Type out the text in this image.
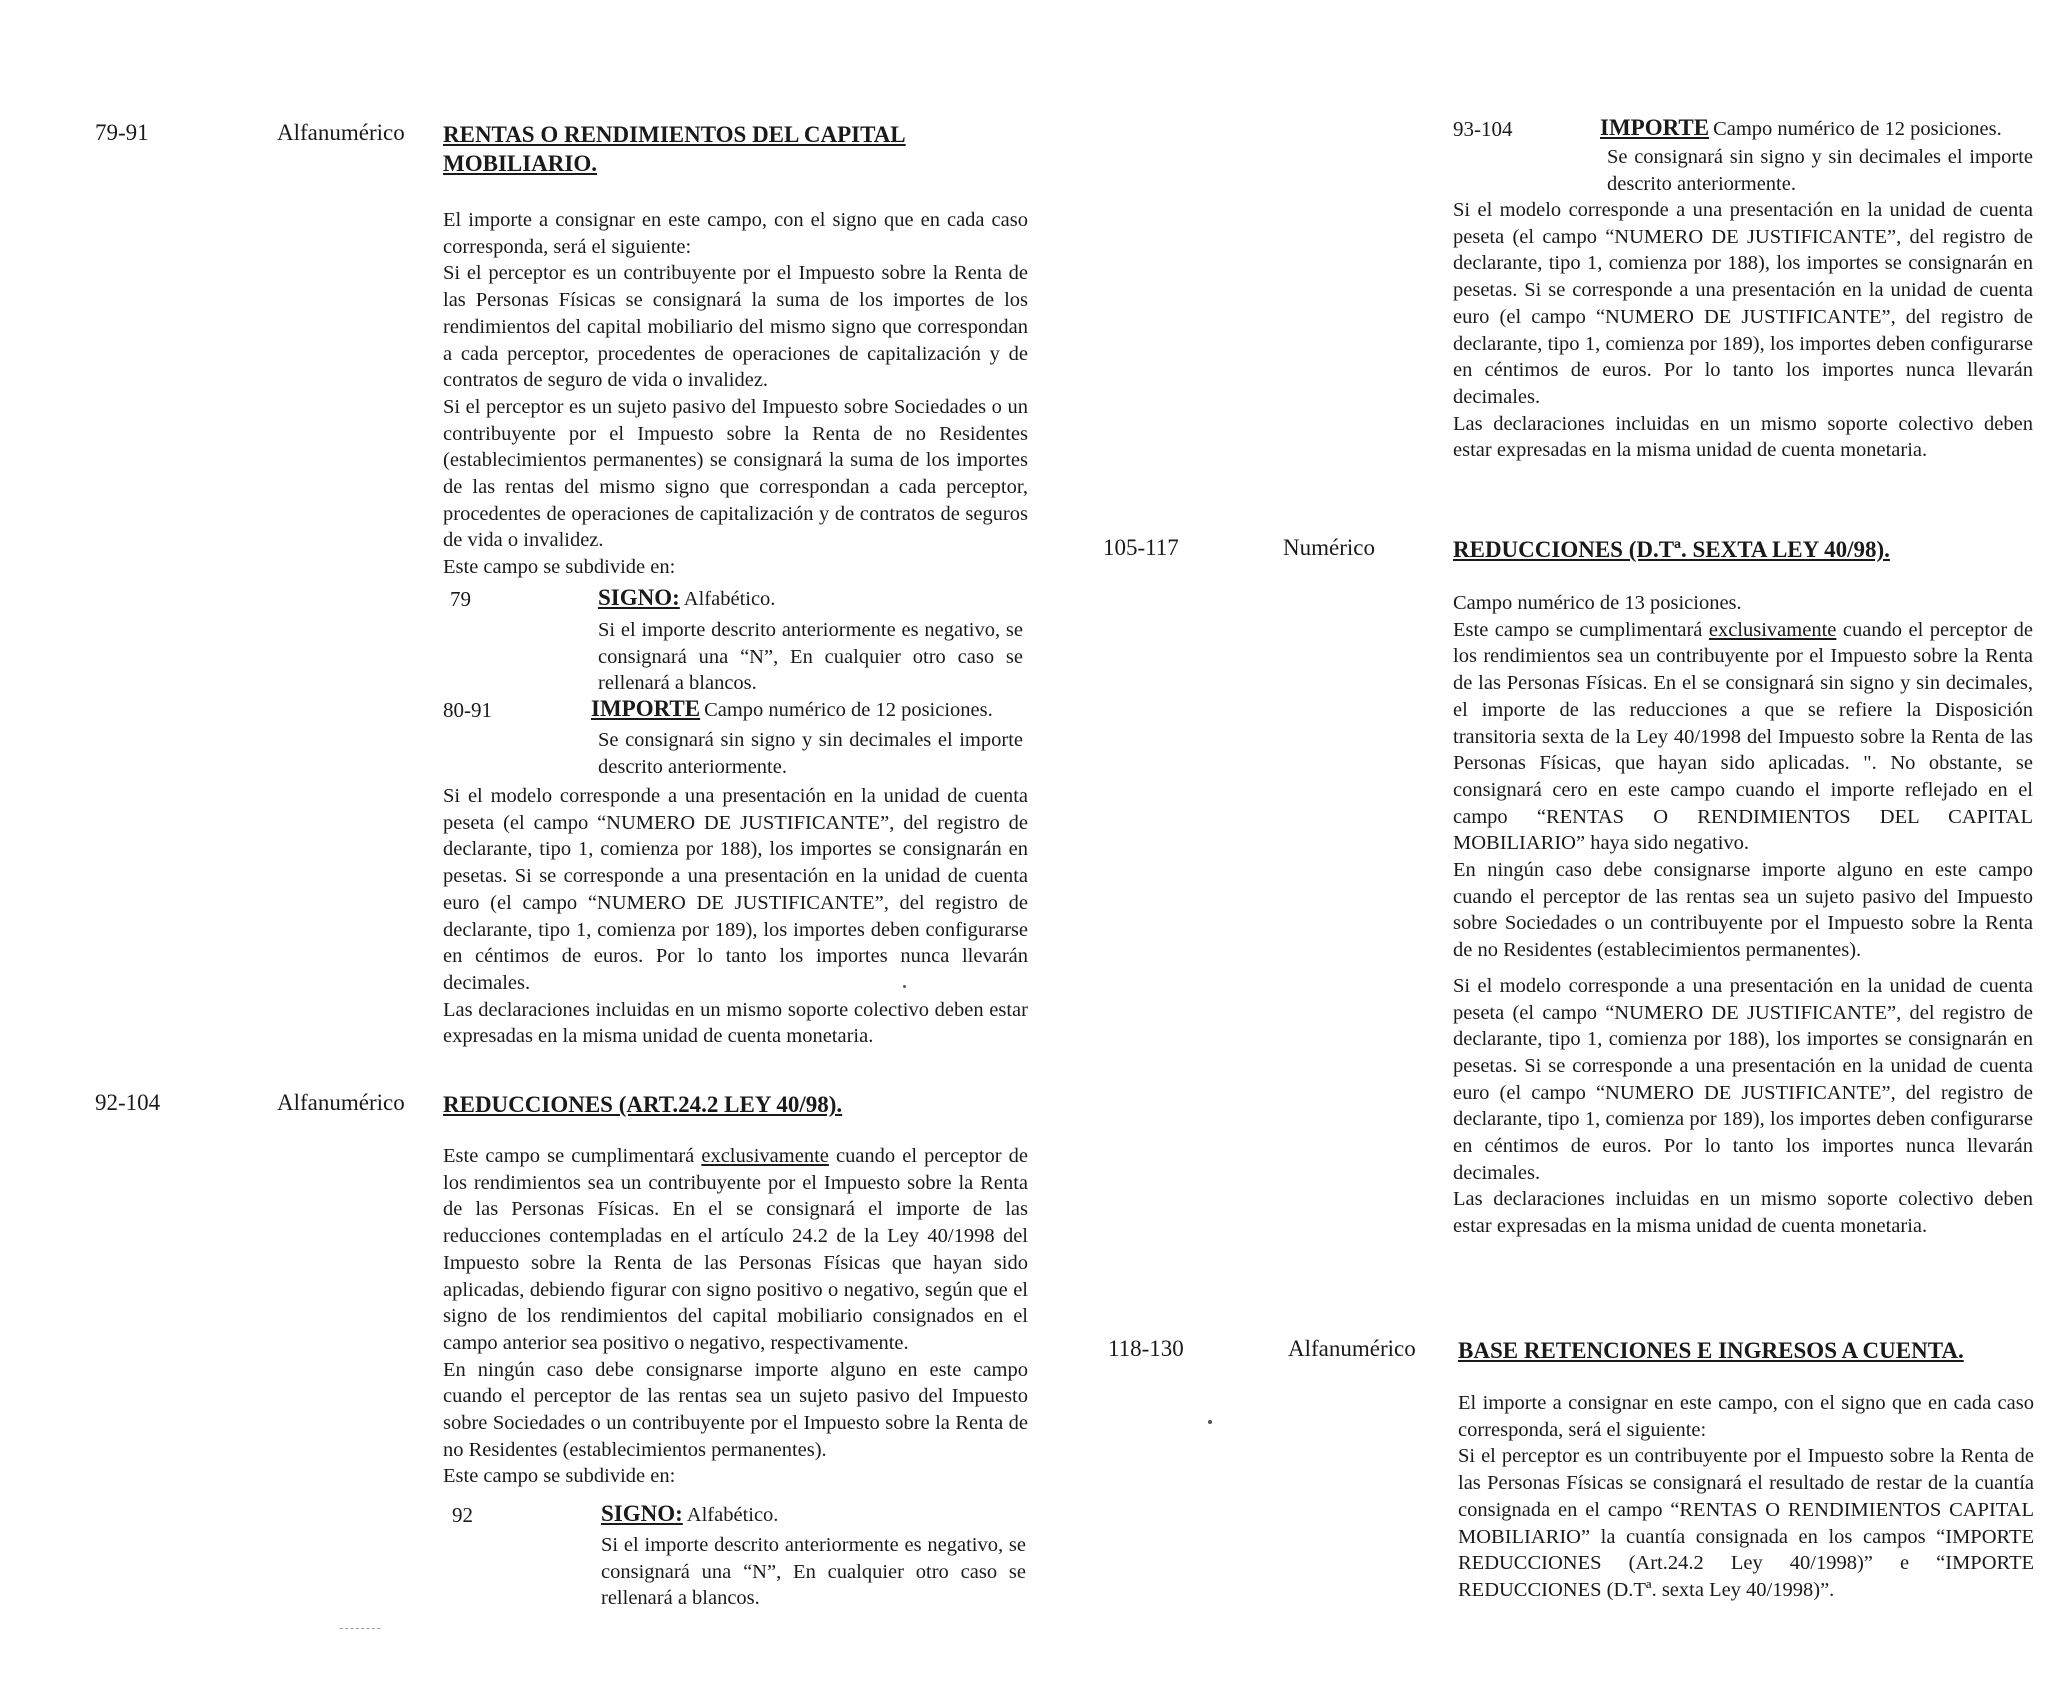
79-91	Alfanumérico RENTAS O RENDIMIENTOS DEL CAPITAL
MOBILIARIO.

El importe a consignar en este campo, con el signo que en cada caso corresponda, será el siguiente:

Si el perceptor es un contribuyente por el Impuesto sobre la Renta de las Personas Físicas se consignará la suma de los importes de los rendimientos del capital mobiliario del mismo signo que correspondan a cada perceptor, procedentes de operaciones de capitalización y de contratos de seguro de vida o invalidez.

Si el perceptor es un sujeto pasivo del Impuesto sobre Sociedades o un contribuyente por el Impuesto sobre la Renta de no Residentes (establecimientos permanentes) se consignará la suma de los importes de las rentas del mismo signo que correspondan a cada perceptor, procedentes de operaciones de capitalización y de contratos de seguros de vida o invalidez.

Este campo se subdivide en:

79	SIGNO: Alfabético.

Si el importe descrito anteriormente es negativo, se consignará una “N”, En cualquier otro caso se rellenará a blancos.

80-91	IMPORTE Campo numérico de 12 posiciones.

Se consignará sin signo y sin decimales el importe descrito anteriormente.

Si el modelo corresponde a una presentación en la unidad de cuenta peseta (el campo “NUMERO DE JUSTIFICANTE”, del registro de declarante, tipo 1, comienza por 188), los importes se consignarán en pesetas. Si se corresponde a una presentación en la unidad de cuenta euro (el campo “NUMERO DE JUSTIFICANTE”, del registro de declarante, tipo 1, comienza por 189), los importes deben configurarse en céntimos de euros. Por lo tanto los importes nunca llevarán decimales.

Las declaraciones incluidas en un mismo soporte colectivo deben estar expresadas en la misma unidad de cuenta monetaria.

92-104	Alfanumérico REDUCCIONES (ART.24.2 LEY 40/98).

Este campo se cumplimentará exclusivamente cuando el perceptor de los rendimientos sea un contribuyente por el Impuesto sobre la Renta de las Personas Físicas. En el se consignará el importe de las reducciones contempladas en el artículo 24.2 de la Ley 40/1998 del Impuesto sobre la Renta de las Personas Físicas que hayan sido aplicadas, debiendo figurar con signo positivo o negativo, según que el signo de los rendimientos del capital mobiliario consignados en el campo anterior sea positivo o negativo, respectivamente.

En ningún caso debe consignarse importe alguno en este campo cuando el perceptor de las rentas sea un sujeto pasivo del Impuesto sobre Sociedades o un contribuyente por el Impuesto sobre la Renta de no Residentes (establecimientos permanentes).

Este campo se subdivide en:

92	SIGNO: Alfabético.

Si el importe descrito anteriormente es negativo, se consignará una “N”, En cualquier otro caso se rellenará a blancos.

93-104	IMPORTE Campo numérico de 12 posiciones.

Se consignará sin signo y sin decimales el importe descrito anteriormente.

Si el modelo corresponde a una presentación en la unidad de cuenta peseta (el campo “NUMERO DE JUSTIFICANTE”, del registro de declarante, tipo 1, comienza por 188), los importes se consignarán en pesetas. Si se corresponde a una presentación en la unidad de cuenta euro (el campo “NUMERO DE JUSTIFICANTE”, del registro de declarante, tipo 1, comienza por 189), los importes deben configurarse en céntimos de euros. Por lo tanto los importes nunca llevarán decimales.

Las declaraciones incluidas en un mismo soporte colectivo deben estar expresadas en la misma unidad de cuenta monetaria.

105-117	Numérico	REDUCCIONES (D.Tª. SEXTA LEY 40/98).

Campo numérico de 13 posiciones.

Este campo se cumplimentará exclusivamente cuando el perceptor de los rendimientos sea un contribuyente por el Impuesto sobre la Renta de las Personas Físicas. En el se consignará sin signo y sin decimales, el importe de las reducciones a que se refiere la Disposición transitoria sexta de la Ley 40/1998 del Impuesto sobre la Renta de las Personas Físicas, que hayan sido aplicadas. ". No obstante, se consignará cero en este campo cuando el importe reflejado en el campo “RENTAS O RENDIMIENTOS DEL CAPITAL MOBILIARIO” haya sido negativo.

En ningún caso debe consignarse importe alguno en este campo cuando el perceptor de las rentas sea un sujeto pasivo del Impuesto sobre Sociedades o un contribuyente por el Impuesto sobre la Renta de no Residentes (establecimientos permanentes).

Si el modelo corresponde a una presentación en la unidad de cuenta peseta (el campo “NUMERO DE JUSTIFICANTE”, del registro de declarante, tipo 1, comienza por 188), los importes se consignarán en pesetas. Si se corresponde a una presentación en la unidad de cuenta euro (el campo “NUMERO DE JUSTIFICANTE”, del registro de declarante, tipo 1, comienza por 189), los importes deben configurarse en céntimos de euros. Por lo tanto los importes nunca llevarán decimales.

Las declaraciones incluidas en un mismo soporte colectivo deben estar expresadas en la misma unidad de cuenta monetaria.

118-130	Alfanumérico BASE RETENCIONES E INGRESOS A CUENTA.

El importe a consignar en este campo, con el signo que en cada caso corresponda, será el siguiente:

Si el perceptor es un contribuyente por el Impuesto sobre la Renta de las Personas Físicas se consignará el resultado de restar de la cuantía consignada en el campo “RENTAS O RENDIMIENTOS CAPITAL MOBILIARIO” la cuantía consignada en los campos “IMPORTE REDUCCIONES (Art.24.2 Ley 40/1998)” e “IMPORTE REDUCCIONES (D.Tª. sexta Ley 40/1998)”.
